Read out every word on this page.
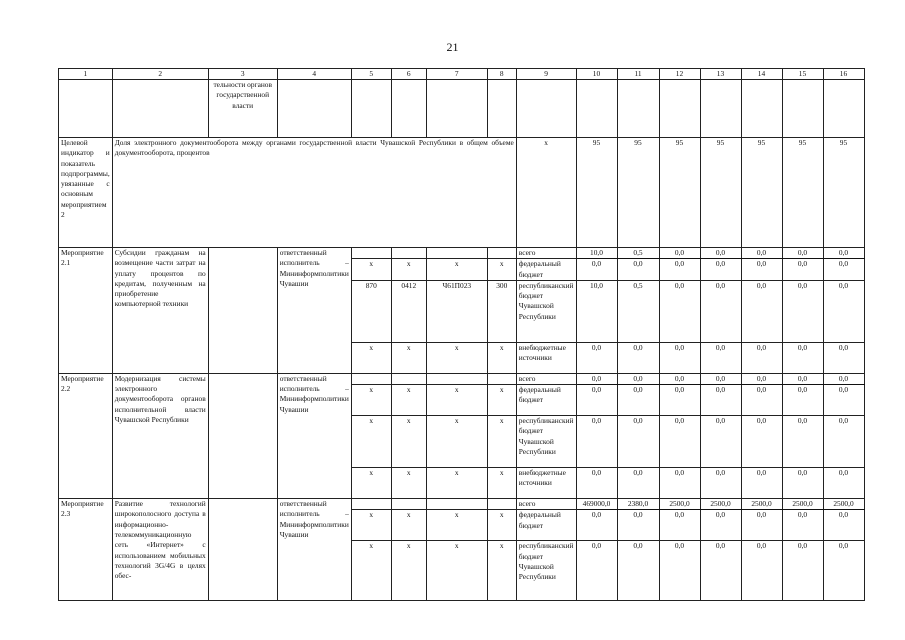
21
1	2	3	4	5	6	7	8	9	10	11	12	13	14	15	16
		тельности органов государственной власти													
Целевой индикатор и показатель подпрограммы, увязанные с основным мероприятием 2	Доля электронного документооборота между органами государственной власти Чувашской Республики в общем объеме документооборота, процентов							x	95	95	95	95	95	95	95
Мероприятие 2.1	Субсидии гражданам на возмещение части затрат на уплату процентов по кредитам, полученным на приобретение компьютерной техники		ответственный исполнитель – Мининформполитики Чувашии					всего	10,0	0,5	0,0	0,0	0,0	0,0	0,0
				x	x	x	x	федеральный бюджет	0,0	0,0	0,0	0,0	0,0	0,0	0,0
				870	0412	Ч61П023	300	республиканский бюджет Чувашской Республики	10,0	0,5	0,0	0,0	0,0	0,0	0,0
				x	x	x	x	внебюджетные источники	0,0	0,0	0,0	0,0	0,0	0,0	0,0
Мероприятие 2.2	Модернизация системы электронного документооборота органов исполнительной власти Чувашской Республики		ответственный исполнитель – Мининформполитики Чувашии					всего	0,0	0,0	0,0	0,0	0,0	0,0	0,0
				x	x	x	x	федеральный бюджет	0,0	0,0	0,0	0,0	0,0	0,0	0,0
				x	x	x	x	республиканский бюджет Чувашской Республики	0,0	0,0	0,0	0,0	0,0	0,0	0,0
				x	x	x	x	внебюджетные источники	0,0	0,0	0,0	0,0	0,0	0,0	0,0
Мероприятие 2.3	Развитие технологий широкополосного доступа в информационно-телекоммуникационную сеть «Интернет» с использованием мобильных технологий 3G/4G в целях обес-		ответственный исполнитель – Мининформполитики Чувашии					всего	469000,0	2380,0	2500,0	2500,0	2500,0	2500,0	2500,0
				x	x	x	x	федеральный бюджет	0,0	0,0	0,0	0,0	0,0	0,0	0,0
				x	x	x	x	республиканский бюджет Чувашской Республики	0,0	0,0	0,0	0,0	0,0	0,0	0,0
